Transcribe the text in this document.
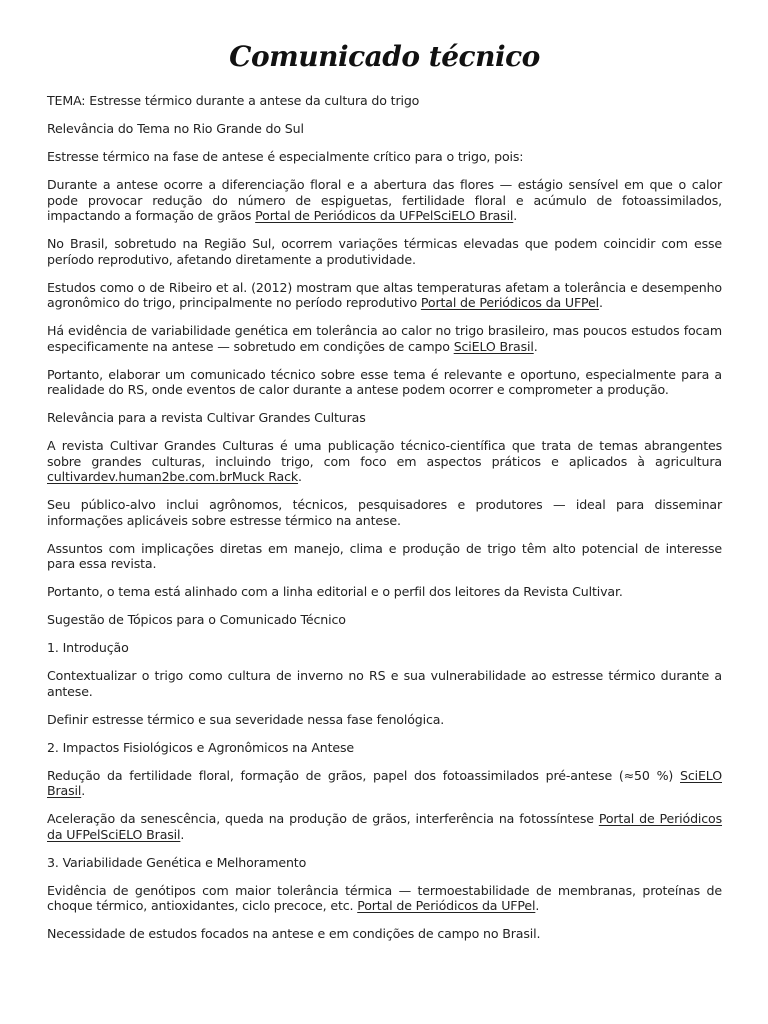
Comunicado técnico

TEMA: Estresse térmico durante a antese da cultura do trigo

Relevância do Tema no Rio Grande do Sul

Estresse térmico na fase de antese é especialmente crítico para o trigo, pois:

Durante a antese ocorre a diferenciação floral e a abertura das flores — estágio sensível em que o calor pode provocar redução do número de espiguetas, fertilidade floral e acúmulo de fotoassimilados, impactando a formação de grãos Portal de Periódicos da UFPelSciELO Brasil.

No Brasil, sobretudo na Região Sul, ocorrem variações térmicas elevadas que podem coincidir com esse período reprodutivo, afetando diretamente a produtividade.

Estudos como o de Ribeiro et al. (2012) mostram que altas temperaturas afetam a tolerância e desempenho agronômico do trigo, principalmente no período reprodutivo Portal de Periódicos da UFPel.

Há evidência de variabilidade genética em tolerância ao calor no trigo brasileiro, mas poucos estudos focam especificamente na antese — sobretudo em condições de campo SciELO Brasil.

Portanto, elaborar um comunicado técnico sobre esse tema é relevante e oportuno, especialmente para a realidade do RS, onde eventos de calor durante a antese podem ocorrer e comprometer a produção.

Relevância para a revista Cultivar Grandes Culturas

A revista Cultivar Grandes Culturas é uma publicação técnico-científica que trata de temas abrangentes sobre grandes culturas, incluindo trigo, com foco em aspectos práticos e aplicados à agricultura cultivardev.human2be.com.brMuck Rack.

Seu público-alvo inclui agrônomos, técnicos, pesquisadores e produtores — ideal para disseminar informações aplicáveis sobre estresse térmico na antese.

Assuntos com implicações diretas em manejo, clima e produção de trigo têm alto potencial de interesse para essa revista.

Portanto, o tema está alinhado com a linha editorial e o perfil dos leitores da Revista Cultivar.

Sugestão de Tópicos para o Comunicado Técnico

1. Introdução

Contextualizar o trigo como cultura de inverno no RS e sua vulnerabilidade ao estresse térmico durante a antese.

Definir estresse térmico e sua severidade nessa fase fenológica.

2. Impactos Fisiológicos e Agronômicos na Antese

Redução da fertilidade floral, formação de grãos, papel dos fotoassimilados pré-antese (≈50 %) SciELO Brasil.

Aceleração da senescência, queda na produção de grãos, interferência na fotossíntese Portal de Periódicos da UFPelSciELO Brasil.

3. Variabilidade Genética e Melhoramento

Evidência de genótipos com maior tolerância térmica — termoestabilidade de membranas, proteínas de choque térmico, antioxidantes, ciclo precoce, etc. Portal de Periódicos da UFPel.

Necessidade de estudos focados na antese e em condições de campo no Brasil.
